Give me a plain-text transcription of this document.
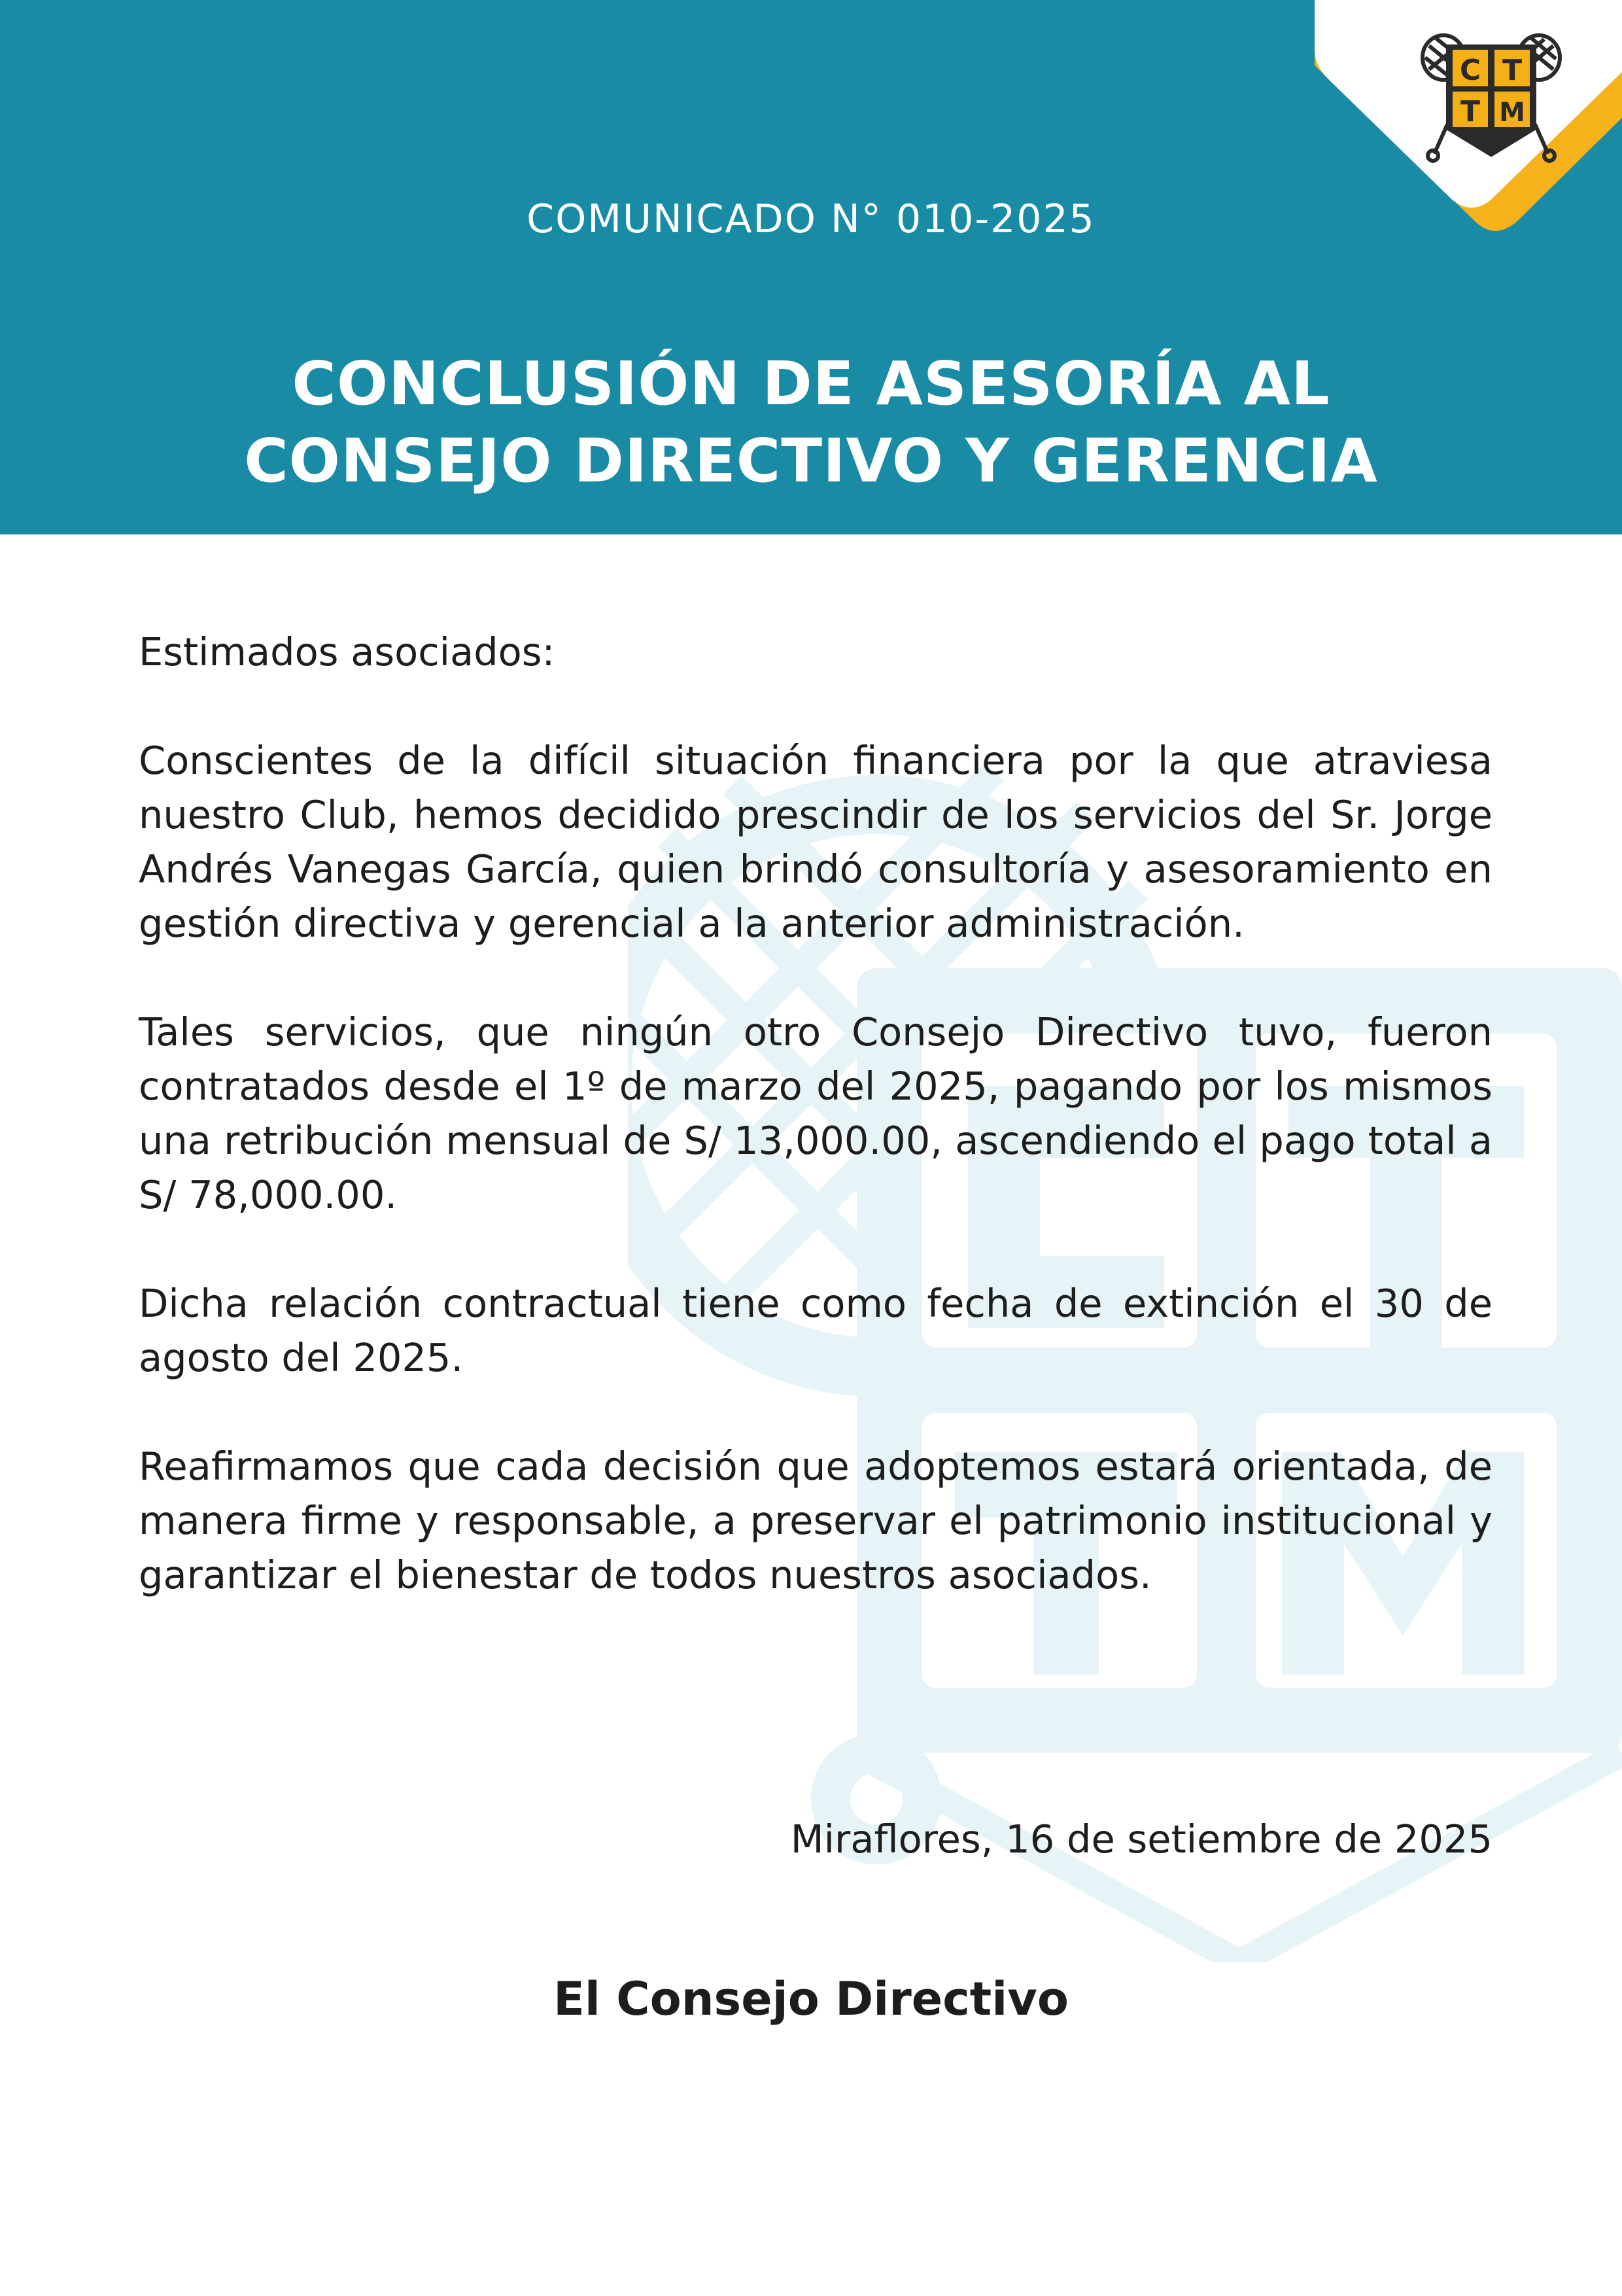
C T
T M
COMUNICADO N° 010-2025
CONCLUSIÓN DE ASESORÍA AL
CONSEJO DIRECTIVO Y GERENCIA

Estimados asociados:

Conscientes de la difícil situación financiera por la que atraviesa nuestro Club, hemos decidido prescindir de los servicios del Sr. Jorge Andrés Vanegas García, quien brindó consultoría y asesoramiento en gestión directiva y gerencial a la anterior administración.

Tales servicios, que ningún otro Consejo Directivo tuvo, fueron contratados desde el 1º de marzo del 2025, pagando por los mismos una retribución mensual de S/ 13,000.00, ascendiendo el pago total a S/ 78,000.00.

Dicha relación contractual tiene como fecha de extinción el 30 de agosto del 2025.

Reafirmamos que cada decisión que adoptemos estará orientada, de manera firme y responsable, a preservar el patrimonio institucional y garantizar el bienestar de todos nuestros asociados.

Miraflores, 16 de setiembre de 2025
El Consejo Directivo
